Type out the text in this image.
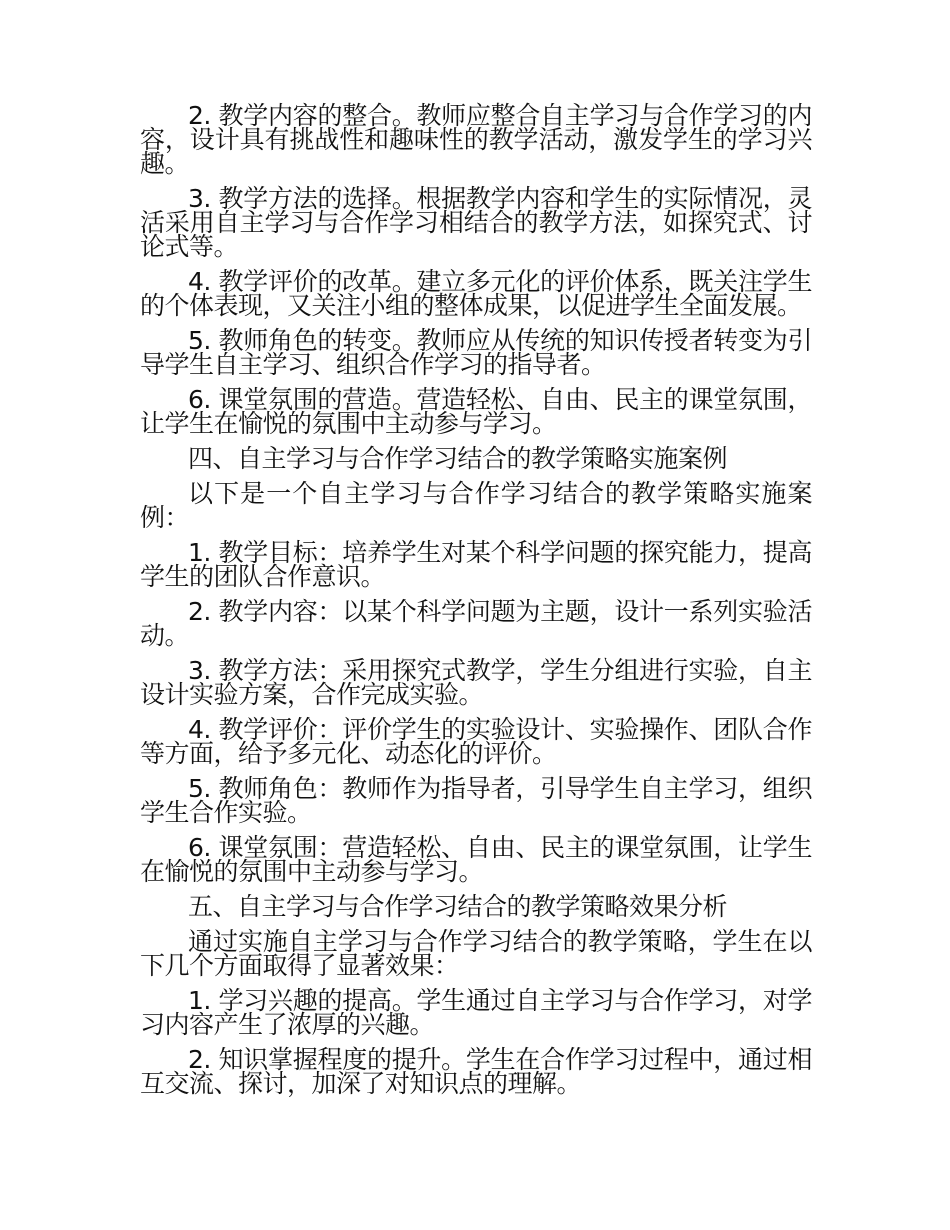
2. 教学内容的整合。教师应整合自主学习与合作学习的内容，设计具有挑战性和趣味性的教学活动，激发学生的学习兴趣。

3. 教学方法的选择。根据教学内容和学生的实际情况，灵活采用自主学习与合作学习相结合的教学方法，如探究式、讨论式等。

4. 教学评价的改革。建立多元化的评价体系，既关注学生的个体表现，又关注小组的整体成果，以促进学生全面发展。

5. 教师角色的转变。教师应从传统的知识传授者转变为引导学生自主学习、组织合作学习的指导者。

6. 课堂氛围的营造。营造轻松、自由、民主的课堂氛围，让学生在愉悦的氛围中主动参与学习。

四、自主学习与合作学习结合的教学策略实施案例

以下是一个自主学习与合作学习结合的教学策略实施案例：

1. 教学目标：培养学生对某个科学问题的探究能力，提高学生的团队合作意识。

2. 教学内容：以某个科学问题为主题，设计一系列实验活动。

3. 教学方法：采用探究式教学，学生分组进行实验，自主设计实验方案，合作完成实验。

4. 教学评价：评价学生的实验设计、实验操作、团队合作等方面，给予多元化、动态化的评价。

5. 教师角色：教师作为指导者，引导学生自主学习，组织学生合作实验。

6. 课堂氛围：营造轻松、自由、民主的课堂氛围，让学生在愉悦的氛围中主动参与学习。

五、自主学习与合作学习结合的教学策略效果分析

通过实施自主学习与合作学习结合的教学策略，学生在以下几个方面取得了显著效果：

1. 学习兴趣的提高。学生通过自主学习与合作学习，对学习内容产生了浓厚的兴趣。

2. 知识掌握程度的提升。学生在合作学习过程中，通过相互交流、探讨，加深了对知识点的理解。
